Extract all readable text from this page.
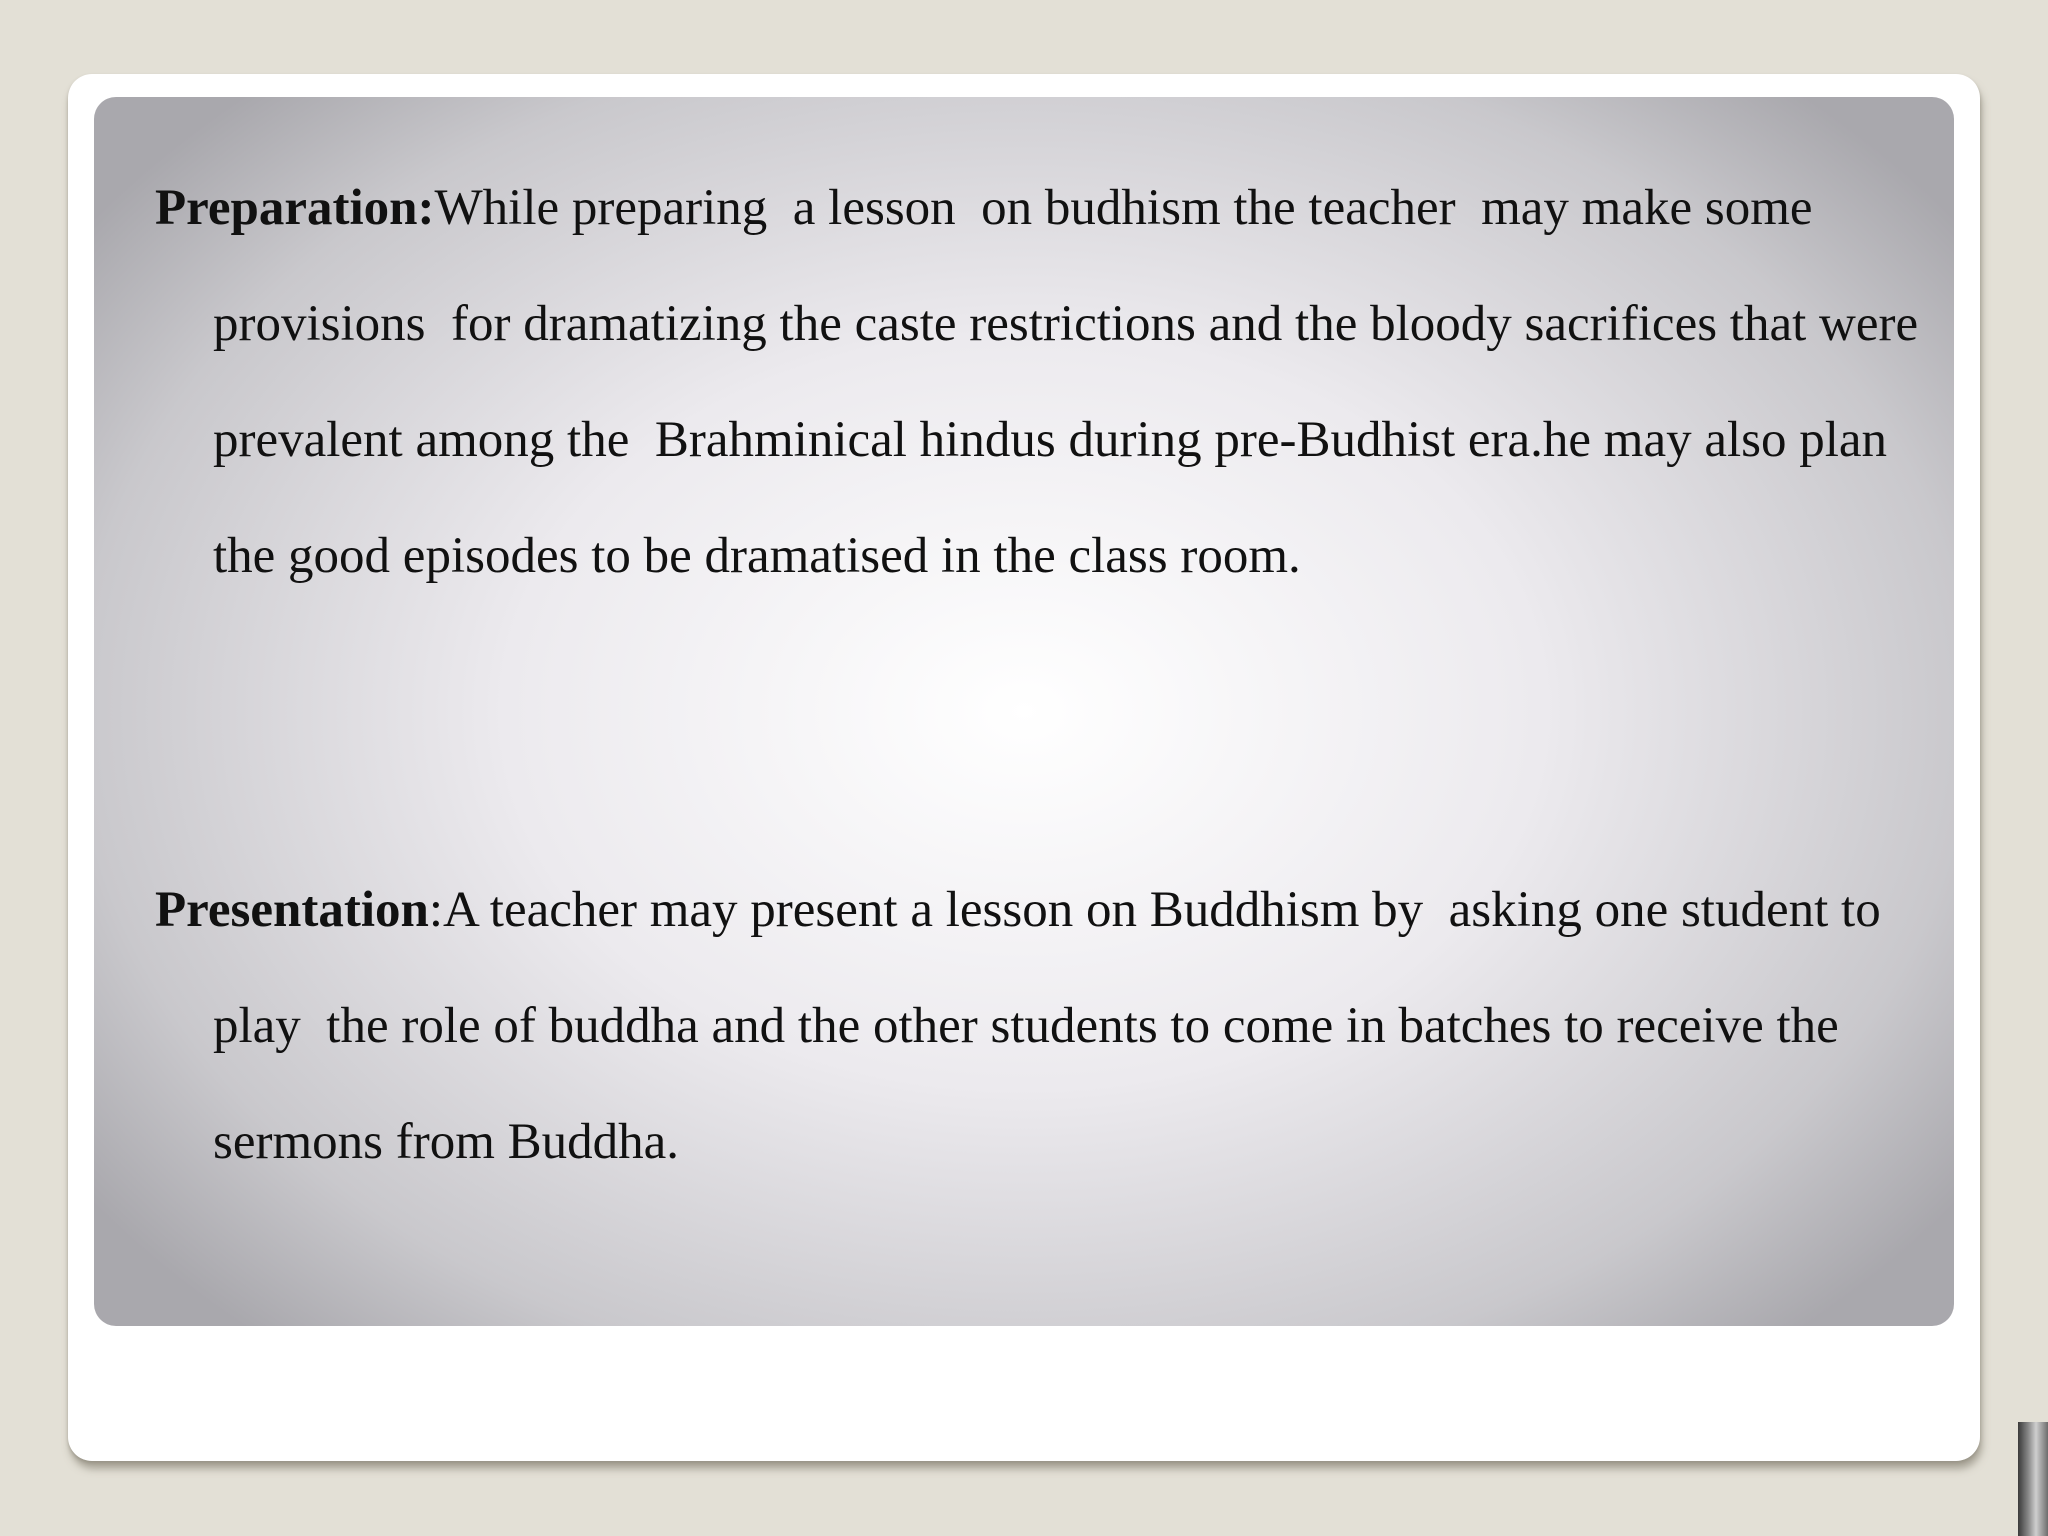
Preparation:While preparing  a lesson  on budhism the teacher  may make some provisions  for dramatizing the caste restrictions and the bloody sacrifices that were prevalent among the  Brahminical hindus during pre-Budhist era.he may also plan the good episodes to be dramatised in the class room.

Presentation:A teacher may present a lesson on Buddhism by  asking one student to play  the role of buddha and the other students to come in batches to receive the sermons from Buddha.
